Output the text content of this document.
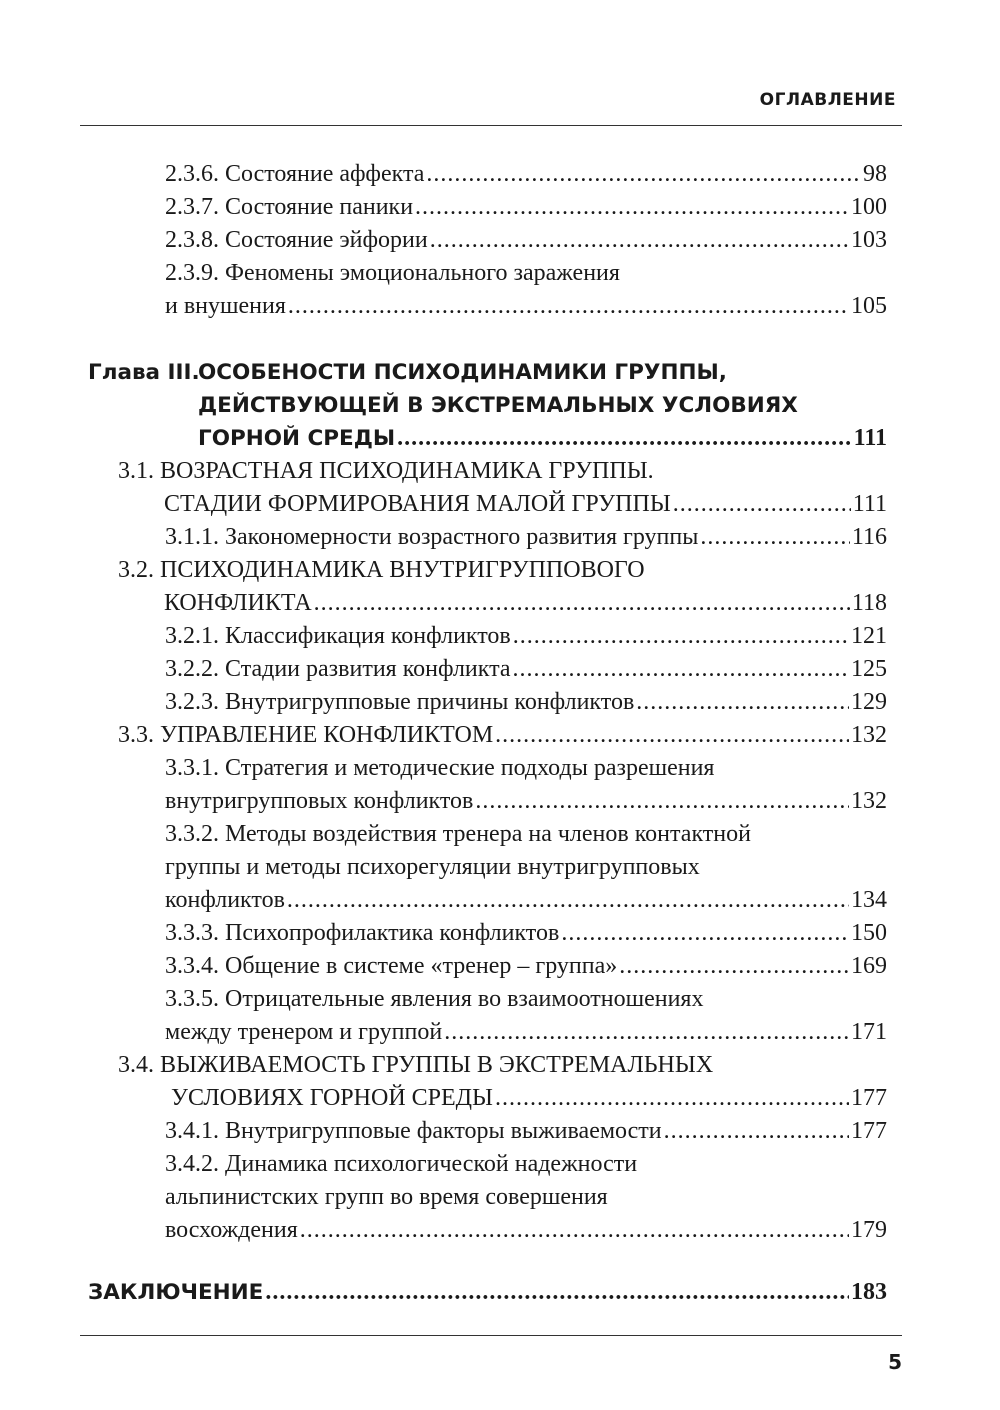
ОГЛАВЛЕНИЕ
2.3.6. Состояние аффекта .....	98
2.3.7. Состояние паники .....	100
2.3.8. Состояние эйфории .....	103
2.3.9. Феномены эмоционального заражения
и внушения .....	105
Глава III.
ОСОБЕНОСТИ ПСИХОДИНАМИКИ ГРУППЫ,
ДЕЙСТВУЮЩЕЙ В ЭКСТРЕМАЛЬНЫХ УСЛОВИЯХ
ГОРНОЙ СРЕДЫ .....	111
3.1. ВОЗРАСТНАЯ ПСИХОДИНАМИКА ГРУППЫ.
СТАДИИ ФОРМИРОВАНИЯ МАЛОЙ ГРУППЫ .....	111
3.1.1. Закономерности возрастного развития группы .....	116
3.2. ПСИХОДИНАМИКА ВНУТРИГРУППОВОГО
КОНФЛИКТА .....	118
3.2.1. Классификация конфликтов .....	121
3.2.2. Стадии развития конфликта .....	125
3.2.3. Внутригрупповые причины конфликтов .....	129
3.3. УПРАВЛЕНИЕ КОНФЛИКТОМ .....	132
3.3.1. Стратегия и методические подходы разрешения
внутригрупповых конфликтов .....	132
3.3.2. Методы воздействия тренера на членов контактной
группы и методы психорегуляции внутригрупповых
конфликтов .....	134
3.3.3. Психопрофилактика конфликтов .....	150
3.3.4. Общение в системе «тренер – группа» .....	169
3.3.5. Отрицательные явления во взаимоотношениях
между тренером и группой .....	171
3.4. ВЫЖИВАЕМОСТЬ ГРУППЫ В ЭКСТРЕМАЛЬНЫХ
УСЛОВИЯХ ГОРНОЙ СРЕДЫ .....	177
3.4.1. Внутригрупповые факторы выживаемости .....	177
3.4.2. Динамика психологической надежности
альпинистских групп во время совершения
восхождения .....	179
ЗАКЛЮЧЕНИЕ .....	183
5
